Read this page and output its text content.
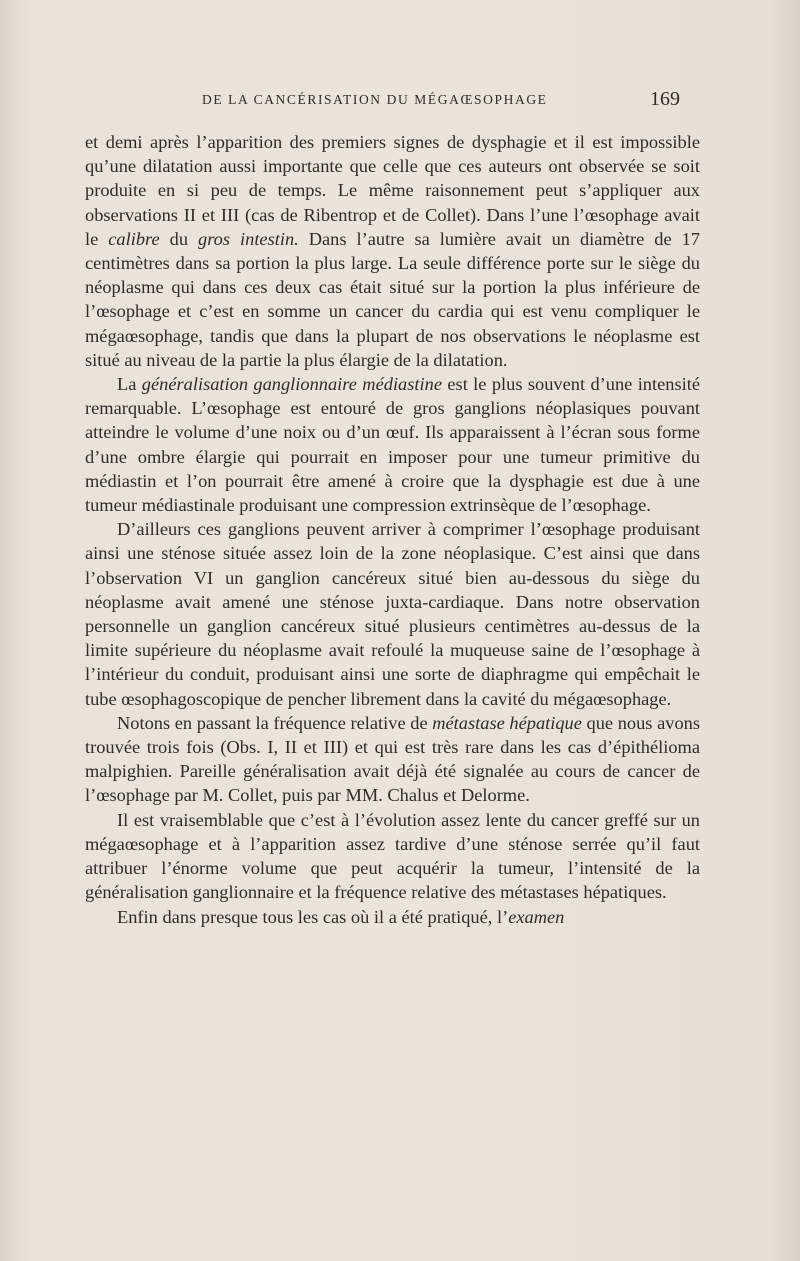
DE LA CANCÉRISATION DU MÉGAŒSOPHAGE	169

et demi après l’apparition des premiers signes de dysphagie et il est impossible qu’une dilatation aussi importante que celle que ces auteurs ont observée se soit produite en si peu de temps. Le même raisonnement peut s’appliquer aux observations II et III (cas de Ribentrop et de Collet). Dans l’une l’œsophage avait le calibre du gros intestin. Dans l’autre sa lumière avait un diamètre de 17 centimètres dans sa portion la plus large. La seule différence porte sur le siège du néoplasme qui dans ces deux cas était situé sur la portion la plus inférieure de l’œsophage et c’est en somme un cancer du cardia qui est venu compliquer le mégaœsophage, tandis que dans la plupart de nos observations le néoplasme est situé au niveau de la partie la plus élargie de la dilatation.

La généralisation ganglionnaire médiastine est le plus souvent d’une intensité remarquable. L’œsophage est entouré de gros ganglions néoplasiques pouvant atteindre le volume d’une noix ou d’un œuf. Ils apparaissent à l’écran sous forme d’une ombre élargie qui pourrait en imposer pour une tumeur primitive du médiastin et l’on pourrait être amené à croire que la dysphagie est due à une tumeur médiastinale produisant une compression extrinsèque de l’œsophage.

D’ailleurs ces ganglions peuvent arriver à comprimer l’œsophage produisant ainsi une sténose située assez loin de la zone néoplasique. C’est ainsi que dans l’observation VI un ganglion cancéreux situé bien au-dessous du siège du néoplasme avait amené une sténose juxta-cardiaque. Dans notre observation personnelle un ganglion cancéreux situé plusieurs centimètres au-dessus de la limite supérieure du néoplasme avait refoulé la muqueuse saine de l’œsophage à l’intérieur du conduit, produisant ainsi une sorte de diaphragme qui empêchait le tube œsophagoscopique de pencher librement dans la cavité du mégaœsophage.

Notons en passant la fréquence relative de métastase hépatique que nous avons trouvée trois fois (Obs. I, II et III) et qui est très rare dans les cas d’épithélioma malpighien. Pareille généralisation avait déjà été signalée au cours de cancer de l’œsophage par M. Collet, puis par MM. Chalus et Delorme.

Il est vraisemblable que c’est à l’évolution assez lente du cancer greffé sur un mégaœsophage et à l’apparition assez tardive d’une sténose serrée qu’il faut attribuer l’énorme volume que peut acquérir la tumeur, l’intensité de la généralisation ganglionnaire et la fréquence relative des métastases hépatiques.

Enfin dans presque tous les cas où il a été pratiqué, l’examen
